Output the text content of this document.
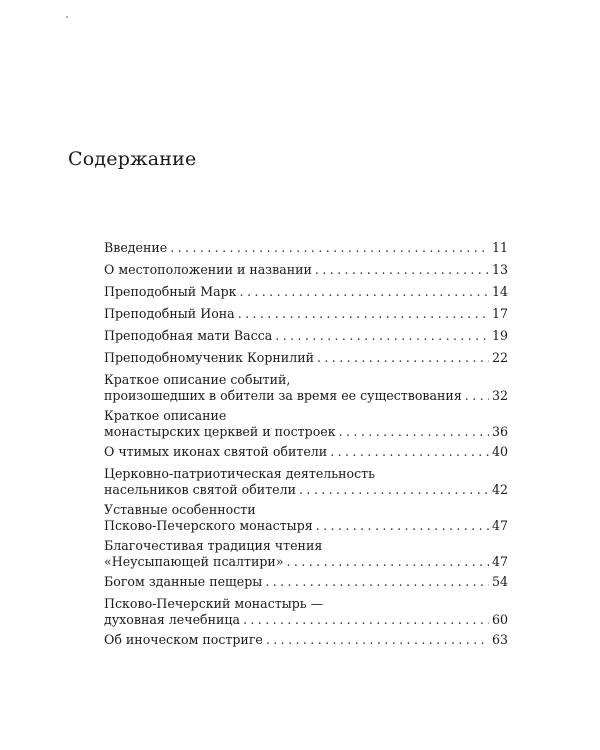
Содержание
Введение .....	11
О местоположении и названии .....	13
Преподобный Марк .....	14
Преподобный Иона .....	17
Преподобная мати Васса .....	19
Преподобномученик Корнилий .....	22
Краткое описание событий,
произошедших в обители за время ее существования ..... 32
Краткое описание
монастырских церквей и построек .....	36
О чтимых иконах святой обители .....	40
Церковно-патриотическая деятельность
насельников святой обители .....	42
Уставные особенности
Псково-Печерского монастыря .....	47
Благочестивая традиция чтения
«Неусыпающей псалтири» .....	47
Богом зданные пещеры .....	54
Псково-Печерский монастырь —
духовная лечебница .....	60
Об иноческом постриге .....	63
